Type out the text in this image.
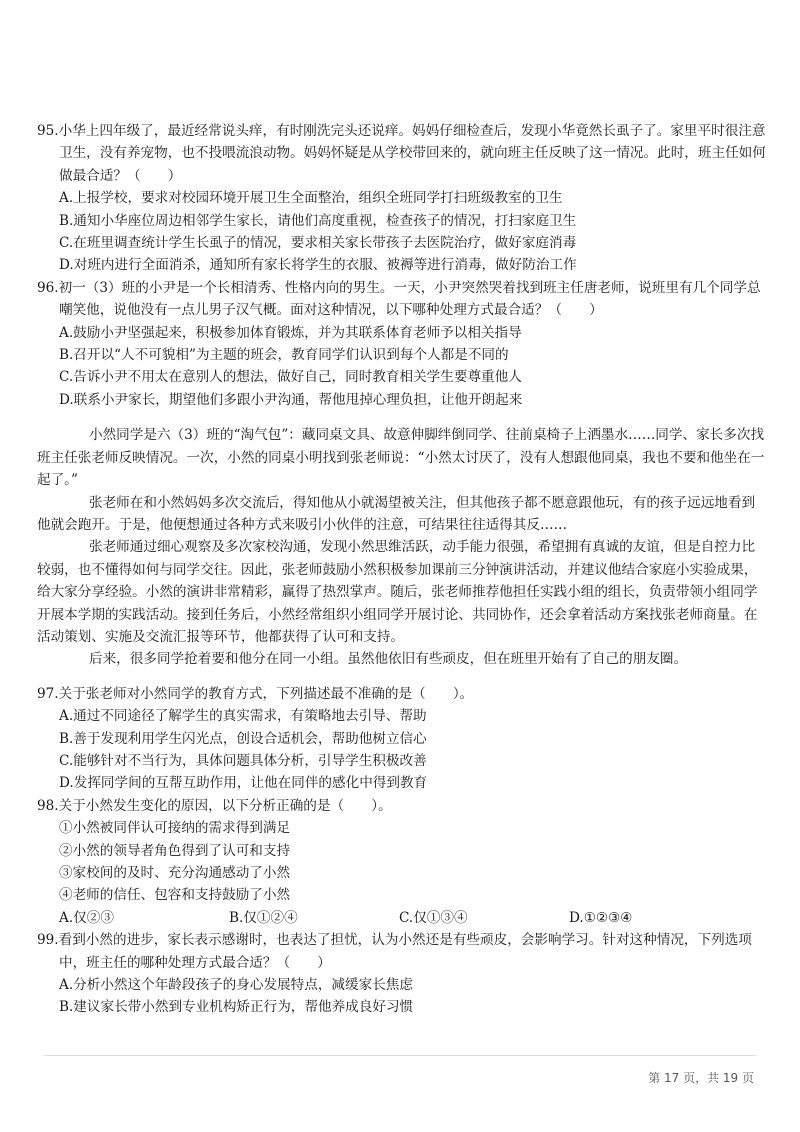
95.小华上四年级了，最近经常说头痒，有时刚洗完头还说痒。妈妈仔细检查后，发现小华竟然长虱子了。家里平时很注意卫生，没有养宠物，也不投喂流浪动物。妈妈怀疑是从学校带回来的，就向班主任反映了这一情况。此时，班主任如何做最合适？（　　）

A.上报学校，要求对校园环境开展卫生全面整治，组织全班同学打扫班级教室的卫生

B.通知小华座位周边相邻学生家长，请他们高度重视，检查孩子的情况，打扫家庭卫生

C.在班里调查统计学生长虱子的情况，要求相关家长带孩子去医院治疗，做好家庭消毒

D.对班内进行全面消杀，通知所有家长将学生的衣服、被褥等进行消毒，做好防治工作

96.初一（3）班的小尹是一个长相清秀、性格内向的男生。一天，小尹突然哭着找到班主任唐老师，说班里有几个同学总嘲笑他，说他没有一点儿男子汉气概。面对这种情况，以下哪种处理方式最合适？（　　）

A.鼓励小尹坚强起来，积极参加体育锻炼，并为其联系体育老师予以相关指导

B.召开以“人不可貌相”为主题的班会，教育同学们认识到每个人都是不同的

C.告诉小尹不用太在意别人的想法，做好自己，同时教育相关学生要尊重他人

D.联系小尹家长，期望他们多跟小尹沟通，帮他甩掉心理负担，让他开朗起来

小然同学是六（3）班的“淘气包”：藏同桌文具、故意伸脚绊倒同学、往前桌椅子上洒墨水……同学、家长多次找班主任张老师反映情况。一次，小然的同桌小明找到张老师说：“小然太讨厌了，没有人想跟他同桌，我也不要和他坐在一起了。”

张老师在和小然妈妈多次交流后，得知他从小就渴望被关注，但其他孩子都不愿意跟他玩，有的孩子远远地看到他就会跑开。于是，他便想通过各种方式来吸引小伙伴的注意，可结果往往适得其反……

张老师通过细心观察及多次家校沟通，发现小然思维活跃，动手能力很强，希望拥有真诚的友谊，但是自控力比较弱，也不懂得如何与同学交往。因此，张老师鼓励小然积极参加课前三分钟演讲活动，并建议他结合家庭小实验成果，给大家分享经验。小然的演讲非常精彩，赢得了热烈掌声。随后，张老师推荐他担任实践小组的组长，负责带领小组同学开展本学期的实践活动。接到任务后，小然经常组织小组同学开展讨论、共同协作，还会拿着活动方案找张老师商量。在活动策划、实施及交流汇报等环节，他都获得了认可和支持。

后来，很多同学抢着要和他分在同一小组。虽然他依旧有些顽皮，但在班里开始有了自己的朋友圈。

97.关于张老师对小然同学的教育方式，下列描述最不准确的是（　　）。

A.通过不同途径了解学生的真实需求，有策略地去引导、帮助

B.善于发现利用学生闪光点，创设合适机会，帮助他树立信心

C.能够针对不当行为，具体问题具体分析，引导学生积极改善

D.发挥同学间的互帮互助作用，让他在同伴的感化中得到教育

98.关于小然发生变化的原因，以下分析正确的是（　　）。

①小然被同伴认可接纳的需求得到满足

②小然的领导者角色得到了认可和支持

③家校间的及时、充分沟通感动了小然

④老师的信任、包容和支持鼓励了小然

A.仅②③	B.仅①②④	C.仅①③④	D.①②③④

99.看到小然的进步，家长表示感谢时，也表达了担忧，认为小然还是有些顽皮，会影响学习。针对这种情况，下列选项中，班主任的哪种处理方式最合适？（　　）

A.分析小然这个年龄段孩子的身心发展特点，减缓家长焦虑

B.建议家长带小然到专业机构矫正行为，帮他养成良好习惯

第 17 页，共 19 页
